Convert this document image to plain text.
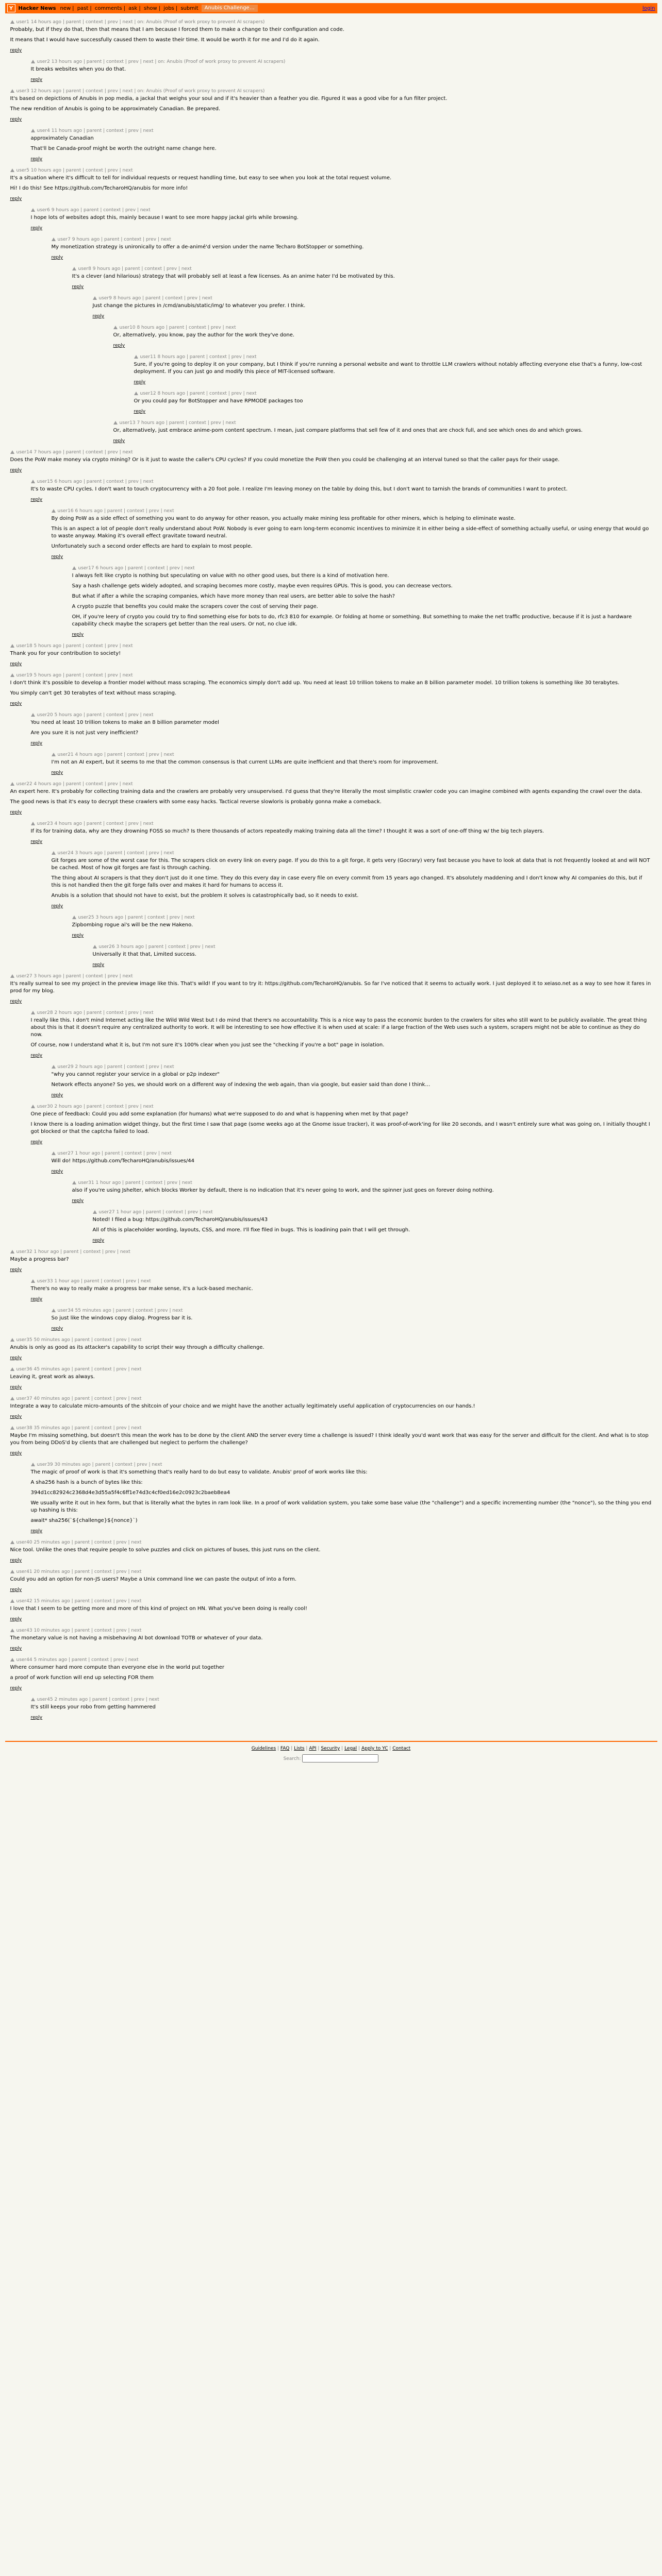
Y	Hacker News new | past | comments | ask | show | jobs | submit	Anubis Challenge…	login
user1 14 hours ago | parent | context | prev | next | on: Anubis (Proof of work proxy to prevent AI scrapers)

Probably, but if they do that, then that means that I am because I forced them to make a change to their configuration and code.

It means that I would have successfully caused them to waste their time. It would be worth it for me and I'd do it again.

reply
user2 13 hours ago | parent | context | prev | next | on: Anubis (Proof of work proxy to prevent AI scrapers)

It breaks websites when you do that.

reply
user3 12 hours ago | parent | context | prev | next | on: Anubis (Proof of work proxy to prevent AI scrapers)

It's based on depictions of Anubis in pop media, a jackal that weighs your soul and if it's heavier than a feather you die. Figured it was a good vibe for a fun filter project.

The new rendition of Anubis is going to be approximately Canadian. Be prepared.

reply
user4 11 hours ago | parent | context | prev | next

approximately Canadian

That'll be Canada-proof might be worth the outright name change here.

reply
user5 10 hours ago | parent | context | prev | next

It's a situation where it's difficult to tell for individual requests or request handling time, but easy to see when you look at the total request volume.

Hi! I do this! See https://github.com/TecharoHQ/anubis for more info!

reply
user6 9 hours ago | parent | context | prev | next

I hope lots of websites adopt this, mainly because I want to see more happy jackal girls while browsing.

reply
user7 9 hours ago | parent | context | prev | next

My monetization strategy is unironically to offer a de-animé'd version under the name Techaro BotStopper or something.

reply
user8 9 hours ago | parent | context | prev | next

It's a clever (and hilarious) strategy that will probably sell at least a few licenses. As an anime hater I'd be motivated by this.

reply
user9 8 hours ago | parent | context | prev | next

Just change the pictures in /cmd/anubis/static/img/ to whatever you prefer. I think.

reply
user10 8 hours ago | parent | context | prev | next

Or, alternatively, you know, pay the author for the work they've done.

reply
user11 8 hours ago | parent | context | prev | next

Sure, if you're going to deploy it on your company, but I think if you're running a personal website and want to throttle LLM crawlers without notably affecting everyone else that's a funny, low-cost deployment. If you can just go and modify this piece of MIT-licensed software.

reply
user12 8 hours ago | parent | context | prev | next

Or you could pay for BotStopper and have RPMODE packages too

reply
user13 7 hours ago | parent | context | prev | next

Or, alternatively, just embrace anime-porn content spectrum. I mean, just compare platforms that sell few of it and ones that are chock full, and see which ones do and which grows.

reply
user14 7 hours ago | parent | context | prev | next

Does the PoW make money via crypto mining? Or is it just to waste the caller's CPU cycles? If you could monetize the PoW then you could be challenging at an interval tuned so that the caller pays for their usage.

reply
user15 6 hours ago | parent | context | prev | next

It's to waste CPU cycles. I don't want to touch cryptocurrency with a 20 foot pole. I realize I'm leaving money on the table by doing this, but I don't want to tarnish the brands of communities I want to protect.

reply
user16 6 hours ago | parent | context | prev | next

By doing PoW as a side effect of something you want to do anyway for other reason, you actually make mining less profitable for other miners, which is helping to eliminate waste.

This is an aspect a lot of people don't really understand about PoW. Nobody is ever going to earn long-term economic incentives to minimize it in either being a side-effect of something actually useful, or using energy that would go to waste anyway. Making it's overall effect gravitate toward neutral.

Unfortunately such a second order effects are hard to explain to most people.

reply
user17 6 hours ago | parent | context | prev | next

I always felt like crypto is nothing but speculating on value with no other good uses, but there is a kind of motivation here.

Say a hash challenge gets widely adopted, and scraping becomes more costly, maybe even requires GPUs. This is good, you can decrease vectors.

But what if after a while the scraping companies, which have more money than real users, are better able to solve the hash?

A crypto puzzle that benefits you could make the scrapers cover the cost of serving their page.

OH, if you're leery of crypto you could try to find something else for bots to do, rfc3 810 for example. Or folding at home or something. But something to make the net traffic productive, because if it is just a hardware capability check maybe the scrapers get better than the real users. Or not, no clue idk.

reply
user18 5 hours ago | parent | context | prev | next

Thank you for your contribution to society!

reply
user19 5 hours ago | parent | context | prev | next

I don't think it's possible to develop a frontier model without mass scraping. The economics simply don't add up. You need at least 10 trillion tokens to make an 8 billion parameter model. 10 trillion tokens is something like 30 terabytes.

You simply can't get 30 terabytes of text without mass scraping.

reply
user20 5 hours ago | parent | context | prev | next

You need at least 10 trillion tokens to make an 8 billion parameter model

Are you sure it is not just very inefficient?

reply
user21 4 hours ago | parent | context | prev | next

I'm not an AI expert, but it seems to me that the common consensus is that current LLMs are quite inefficient and that there's room for improvement.

reply
user22 4 hours ago | parent | context | prev | next

An expert here. It's probably for collecting training data and the crawlers are probably very unsupervised. I'd guess that they're literally the most simplistic crawler code you can imagine combined with agents expanding the crawl over the data.

The good news is that it's easy to decrypt these crawlers with some easy hacks. Tactical reverse slowloris is probably gonna make a comeback.

reply
user23 4 hours ago | parent | context | prev | next

If its for training data, why are they drowning FOSS so much? Is there thousands of actors repeatedly making training data all the time? I thought it was a sort of one-off thing w/ the big tech players.

reply
user24 3 hours ago | parent | context | prev | next

Git forges are some of the worst case for this. The scrapers click on every link on every page. If you do this to a git forge, it gets very (Gocrary) very fast because you have to look at data that is not frequently looked at and will NOT be cached. Most of how git forges are fast is through caching.

The thing about AI scrapers is that they don't just do it one time. They do this every day in case every file on every commit from 15 years ago changed. It's absolutely maddening and I don't know why AI companies do this, but if this is not handled then the git forge falls over and makes it hard for humans to access it.

Anubis is a solution that should not have to exist, but the problem it solves is catastrophically bad, so it needs to exist.

reply
user25 3 hours ago | parent | context | prev | next

Zipbombing rogue ai's will be the new Hakeno.

reply
user26 3 hours ago | parent | context | prev | next

Universally it that that, Limited success.

reply
user27 3 hours ago | parent | context | prev | next

It's really surreal to see my project in the preview image like this. That's wild! If you want to try it: https://github.com/TecharoHQ/anubis. So far I've noticed that it seems to actually work. I just deployed it to xeiaso.net as a way to see how it fares in prod for my blog.

reply
user28 2 hours ago | parent | context | prev | next

I really like this. I don't mind Internet acting like the Wild Wild West but I do mind that there's no accountability. This is a nice way to pass the economic burden to the crawlers for sites who still want to be publicly available. The great thing about this is that it doesn't require any centralized authority to work. It will be interesting to see how effective it is when used at scale: if a large fraction of the Web uses such a system, scrapers might not be able to continue as they do now.

Of course, now I understand what it is, but I'm not sure it's 100% clear when you just see the "checking if you're a bot" page in isolation.

reply
user29 2 hours ago | parent | context | prev | next

"why you cannot register your service in a global or p2p indexer"

Network effects anyone? So yes, we should work on a different way of indexing the web again, than via google, but easier said than done I think…

reply
user30 2 hours ago | parent | context | prev | next

One piece of feedback: Could you add some explanation (for humans) what we're supposed to do and what is happening when met by that page?

I know there is a loading animation widget thingy, but the first time I saw that page (some weeks ago at the Gnome issue tracker), it was proof-of-work'ing for like 20 seconds, and I wasn't entirely sure what was going on, I initially thought I got blocked or that the captcha failed to load.

reply
user27 1 hour ago | parent | context | prev | next

Will do! https://github.com/TecharoHQ/anubis/issues/44

reply
user31 1 hour ago | parent | context | prev | next

also if you're using Jshelter, which blocks Worker by default, there is no indication that it's never going to work, and the spinner just goes on forever doing nothing.

reply
user27 1 hour ago | parent | context | prev | next

Noted! I filed a bug: https://github.com/TecharoHQ/anubis/issues/43

All of this is placeholder wording, layouts, CSS, and more. I'll fixe filed in bugs. This is loadining pain that I will get through.

reply
user32 1 hour ago | parent | context | prev | next

Maybe a progress bar?

reply
user33 1 hour ago | parent | context | prev | next

There's no way to really make a progress bar make sense, it's a luck-based mechanic.

reply
user34 55 minutes ago | parent | context | prev | next

So just like the windows copy dialog. Progress bar it is.

reply
user35 50 minutes ago | parent | context | prev | next

Anubis is only as good as its attacker's capability to script their way through a difficulty challenge.

reply
user36 45 minutes ago | parent | context | prev | next

Leaving it, great work as always.

reply
user37 40 minutes ago | parent | context | prev | next

Integrate a way to calculate micro-amounts of the shitcoin of your choice and we might have the another actually legitimately useful application of cryptocurrencies on our hands.!

reply
user38 35 minutes ago | parent | context | prev | next

Maybe I'm missing something, but doesn't this mean the work has to be done by the client AND the server every time a challenge is issued? I think ideally you'd want work that was easy for the server and difficult for the client. And what is to stop you from being DDoS'd by clients that are challenged but neglect to perform the challenge?

reply
user39 30 minutes ago | parent | context | prev | next

The magic of proof of work is that it's something that's really hard to do but easy to validate. Anubis' proof of work works like this:

A sha256 hash is a bunch of bytes like this:

394d1cc82924c2368d4e3d55a5f4c6ff1e74d3c4cf0ed16e2c0923c2baeb8ea4

We usually write it out in hex form, but that is literally what the bytes in ram look like. In a proof of work validation system, you take some base value (the "challenge") and a specific incrementing number (the "nonce"), so the thing you end up hashing is this:

await* sha256(`${challenge}${nonce}`)

reply
user40 25 minutes ago | parent | context | prev | next

Nice tool. Unlike the ones that require people to solve puzzles and click on pictures of buses, this just runs on the client.

reply
user41 20 minutes ago | parent | context | prev | next

Could you add an option for non-JS users? Maybe a Unix command line we can paste the output of into a form.

reply
user42 15 minutes ago | parent | context | prev | next

I love that I seem to be getting more and more of this kind of project on HN. What you've been doing is really cool!

reply
user43 10 minutes ago | parent | context | prev | next

The monetary value is not having a misbehaving AI bot download TOTB or whatever of your data.

reply
user44 5 minutes ago | parent | context | prev | next

Where consumer hard more compute than everyone else in the world put together

a proof of work function will end up selecting FOR them

reply
user45 2 minutes ago | parent | context | prev | next

It's still keeps your robo from getting hammered

reply
Guidelines | FAQ | Lists | API | Security | Legal | Apply to YC | Contact
Search:
